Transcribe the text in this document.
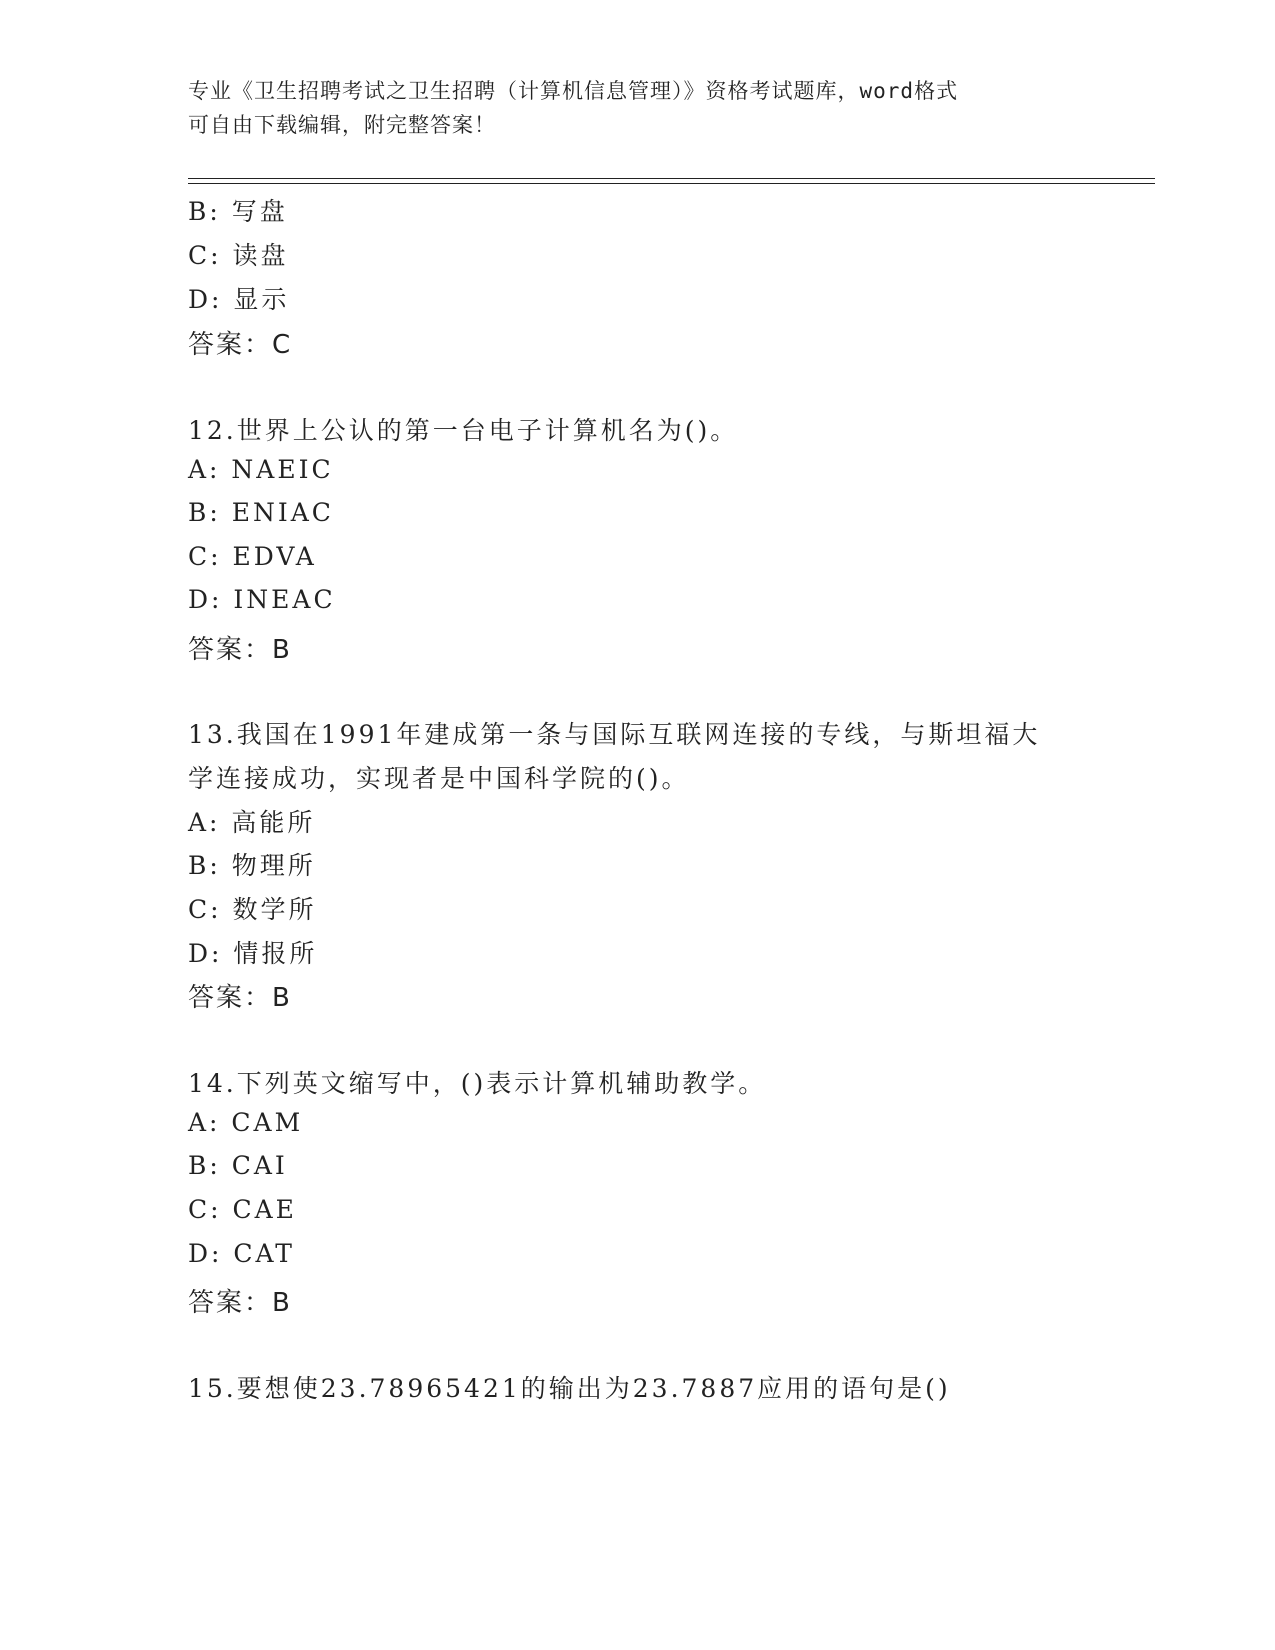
专业《卫生招聘考试之卫生招聘（计算机信息管理）》资格考试题库，word格式
可自由下载编辑，附完整答案！
B: 写盘
C: 读盘
D: 显示
答案：C
12.世界上公认的第一台电子计算机名为()。
A: NAEIC
B: ENIAC
C: EDVA
D: INEAC
答案：B
13.我国在1991年建成第一条与国际互联网连接的专线，与斯坦福大
学连接成功，实现者是中国科学院的()。
A: 高能所
B: 物理所
C: 数学所
D: 情报所
答案：B
14.下列英文缩写中，()表示计算机辅助教学。
A: CAM
B: CAI
C: CAE
D: CAT
答案：B
15.要想使23.78965421的输出为23.7887应用的语句是()
